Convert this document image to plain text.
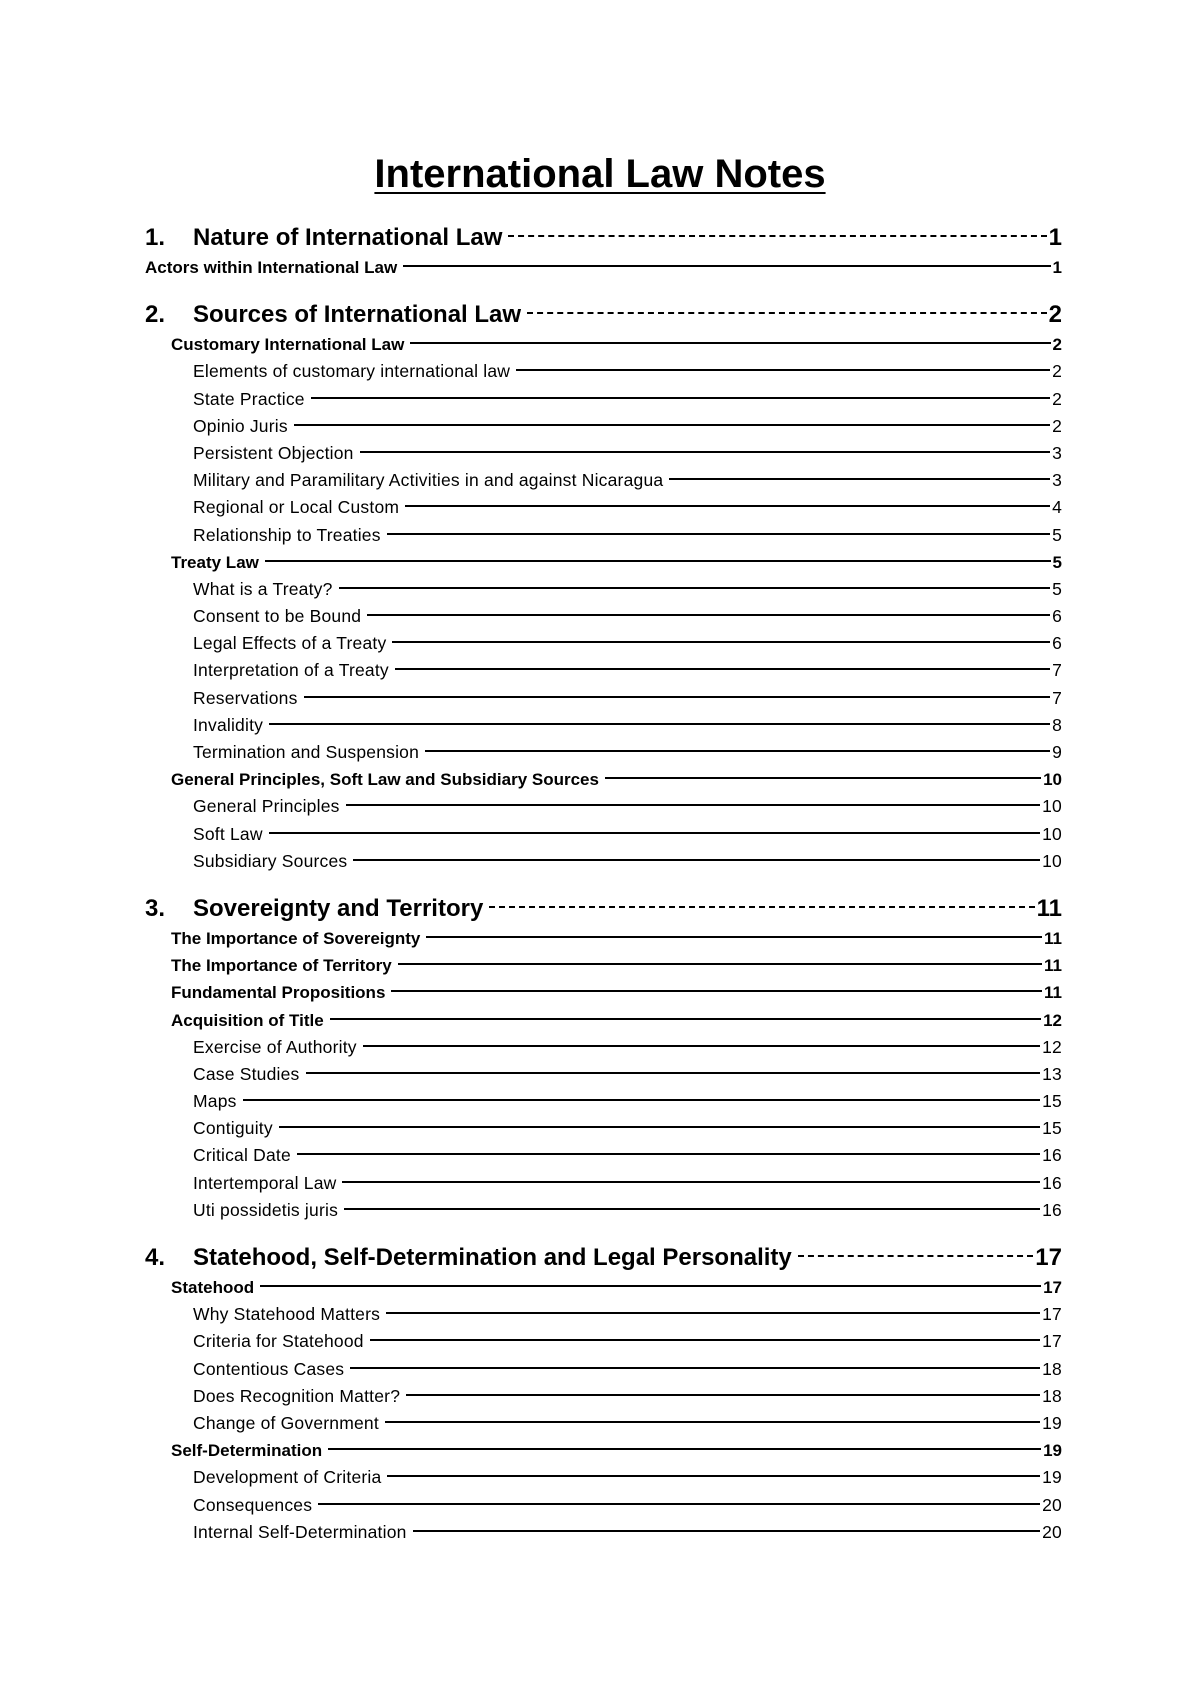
International Law Notes
1.	Nature of International Law	1
Actors within International Law	1
2.	Sources of International Law	2
Customary International Law	2
Elements of customary international law	2
State Practice	2
Opinio Juris	2
Persistent Objection	3
Military and Paramilitary Activities in and against Nicaragua	3
Regional or Local Custom	4
Relationship to Treaties	5
Treaty Law	5
What is a Treaty?	5
Consent to be Bound	6
Legal Effects of a Treaty	6
Interpretation of a Treaty	7
Reservations	7
Invalidity	8
Termination and Suspension	9
General Principles, Soft Law and Subsidiary Sources	10
General Principles	10
Soft Law	10
Subsidiary Sources	10
3.	Sovereignty and Territory	11
The Importance of Sovereignty	11
The Importance of Territory	11
Fundamental Propositions	11
Acquisition of Title	12
Exercise of Authority	12
Case Studies	13
Maps	15
Contiguity	15
Critical Date	16
Intertemporal Law	16
Uti possidetis juris	16
4.	Statehood, Self-Determination and Legal Personality	17
Statehood	17
Why Statehood Matters	17
Criteria for Statehood	17
Contentious Cases	18
Does Recognition Matter?	18
Change of Government	19
Self-Determination	19
Development of Criteria	19
Consequences	20
Internal Self-Determination	20
